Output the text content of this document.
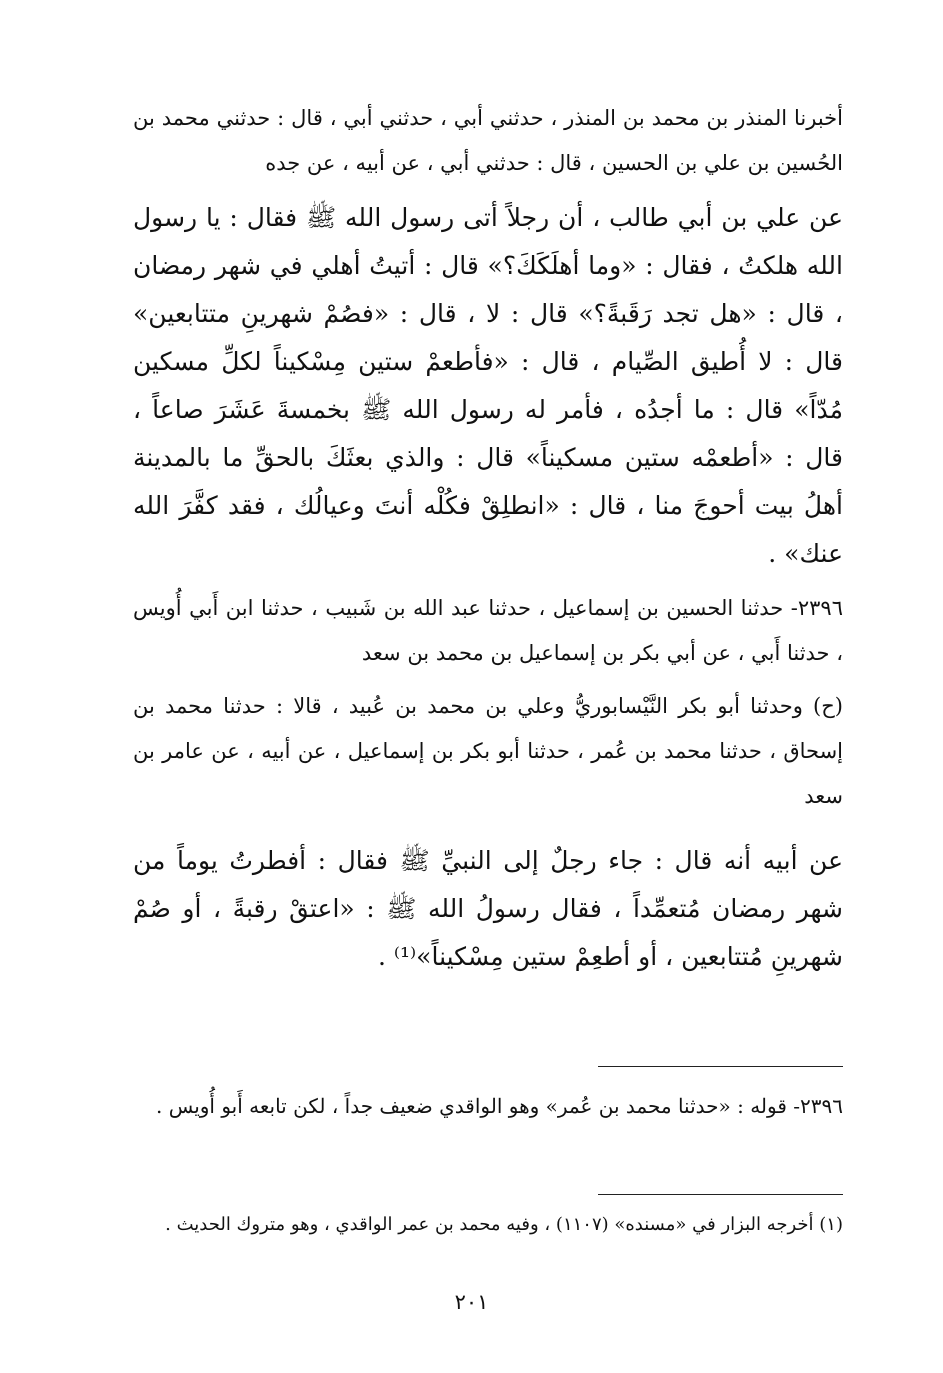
أخبرنا المنذر بن محمد بن المنذر ، حدثني أبي ، حدثني أبي ، قال : حدثني محمد بن الحُسين بن علي بن الحسين ، قال : حدثني أبي ، عن أبيه ، عن جده

عن علي بن أبي طالب ، أن رجلاً أتى رسول الله ﷺ فقال : يا رسول الله هلكتُ ، فقال : «وما أهلَكَكَ؟» قال : أتيتُ أهلي في شهر رمضان ، قال : «هل تجد رَقَبةً؟» قال : لا ، قال : «فصُمْ شهرينِ متتابعين» قال : لا أُطيق الصِّيام ، قال : «فأطعمْ ستين مِسْكيناً لكلِّ مسكين مُدّاً» قال : ما أجدُه ، فأمر له رسول الله ﷺ بخمسةَ عَشَرَ صاعاً ، قال : «أطعمْه ستين مسكيناً» قال : والذي بعثَكَ بالحقِّ ما بالمدينة أهلُ بيت أحوجَ منا ، قال : «انطلِقْ فكُلْه أنتَ وعيالُك ، فقد كفَّرَ الله عنك» .

٢٣٩٦- حدثنا الحسين بن إسماعيل ، حدثنا عبد الله بن شَبيب ، حدثنا ابن أَبي أُويس ، حدثنا أَبي ، عن أبي بكر بن إسماعيل بن محمد بن سعد

(ح) وحدثنا أبو بكر النَّيْسابوريُّ وعلي بن محمد بن عُبيد ، قالا : حدثنا محمد بن إسحاق ، حدثنا محمد بن عُمر ، حدثنا أبو بكر بن إسماعيل ، عن أبيه ، عن عامر بن سعد

عن أبيه أنه قال : جاء رجلٌ إلى النبيِّ ﷺ فقال : أفطرتُ يوماً من شهر رمضان مُتعمِّداً ، فقال رسولُ الله ﷺ : «اعتقْ رقبةً ، أو صُمْ شهرينِ مُتتابعين ، أو أطعِمْ ستين مِسْكيناً»⁽¹⁾ .

٢٣٩٦- قوله : «حدثنا محمد بن عُمر» وهو الواقدي ضعيف جداً ، لكن تابعه أَبو أُويس .

(١) أخرجه البزار في «مسنده» (١١٠٧) ، وفيه محمد بن عمر الواقدي ، وهو متروك الحديث .

٢٠١
